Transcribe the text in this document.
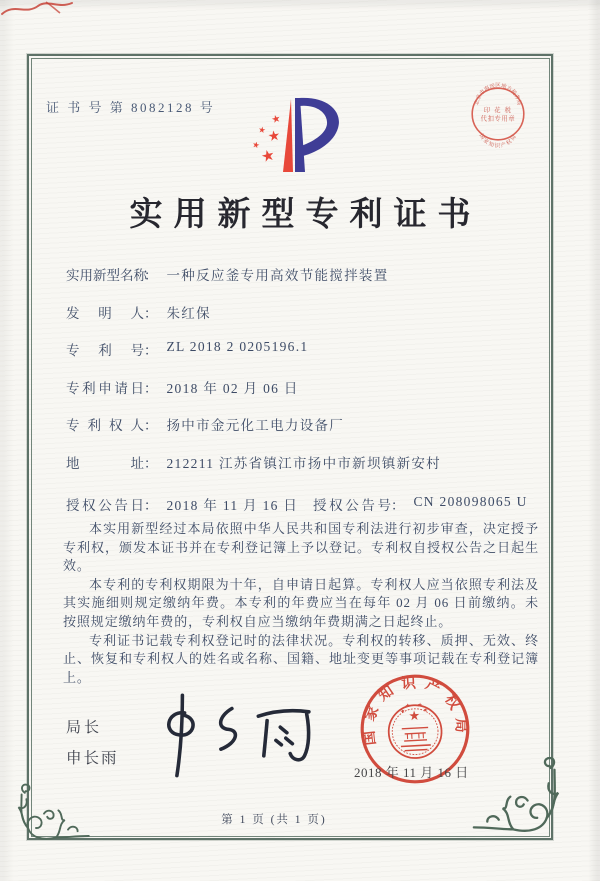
证 书 号 第 8082128 号	北京市海淀区地方税务局
印 花 税
代扣专用章
国家知识产权局
实用新型专利证书
实用新型名称： 一种反应釜专用高效节能搅拌装置
发明人： 朱红保
专利号： ZL 2018 2 0205196.1
专利申请日： 2018 年 02 月 06 日
专利权人： 扬中市金元化工电力设备厂
地址： 212211 江苏省镇江市扬中市新坝镇新安村
授权公告日： 2018 年 11 月 16 日 授权公告号： CN 208098065 U

本实用新型经过本局依照中华人民共和国专利法进行初步审查，决定授予专利权，颁发本证书并在专利登记簿上予以登记。专利权自授权公告之日起生效。

本专利的专利权期限为十年，自申请日起算。专利权人应当依照专利法及其实施细则规定缴纳年费。本专利的年费应当在每年 02 月 06 日前缴纳。未按照规定缴纳年费的，专利权自应当缴纳年费期满之日起终止。

专利证书记载专利权登记时的法律状况。专利权的转移、质押、无效、终止、恢复和专利权人的姓名或名称、国籍、地址变更等事项记载在专利登记簿上。

局长
申长雨
国家知识产权局
2018 年 11 月 16 日
第 1 页 (共 1 页)
